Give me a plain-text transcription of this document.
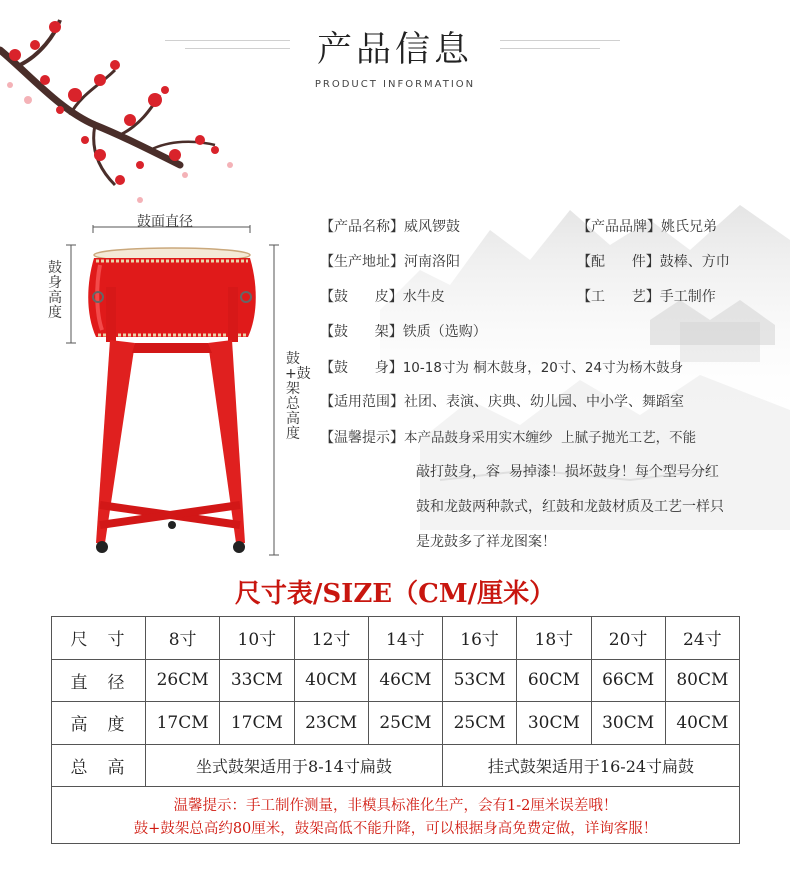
产品信息
PRODUCT INFORMATION
鼓面直径
鼓身高度
鼓+鼓架总高度
【产品名称】威风锣鼓	【产品品牌】姚氏兄弟
【生产地址】河南洛阳	【配      件】鼓棒、方巾
【鼓      皮】水牛皮	【工      艺】手工制作
【鼓      架】铁质（选购）
【鼓      身】10-18寸为 桐木鼓身，20寸、24寸为杨木鼓身
【适用范围】社团、表演、庆典、幼儿园、中小学、舞蹈室
【温馨提示】本产品鼓身采用实木缠纱  上腻子抛光工艺，不能
敲打鼓身，容  易掉漆！损坏鼓身！每个型号分红
鼓和龙鼓两种款式，红鼓和龙鼓材质及工艺一样只
是龙鼓多了祥龙图案！
尺寸表/SIZE（CM/厘米）
尺寸	8寸	10寸	12寸	14寸	16寸	18寸	20寸	24寸
直径	26CM	33CM	40CM	46CM	53CM	60CM	66CM	80CM
高度	17CM	17CM	23CM	25CM	25CM	30CM	30CM	40CM
总高	坐式鼓架适用于8-14寸扁鼓				挂式鼓架适用于16-24寸扁鼓			
温馨提示：手工制作测量，非模具标准化生产，会有1-2厘米误差哦！
鼓+鼓架总高约80厘米，鼓架高低不能升降，可以根据身高免费定做，详询客服！
